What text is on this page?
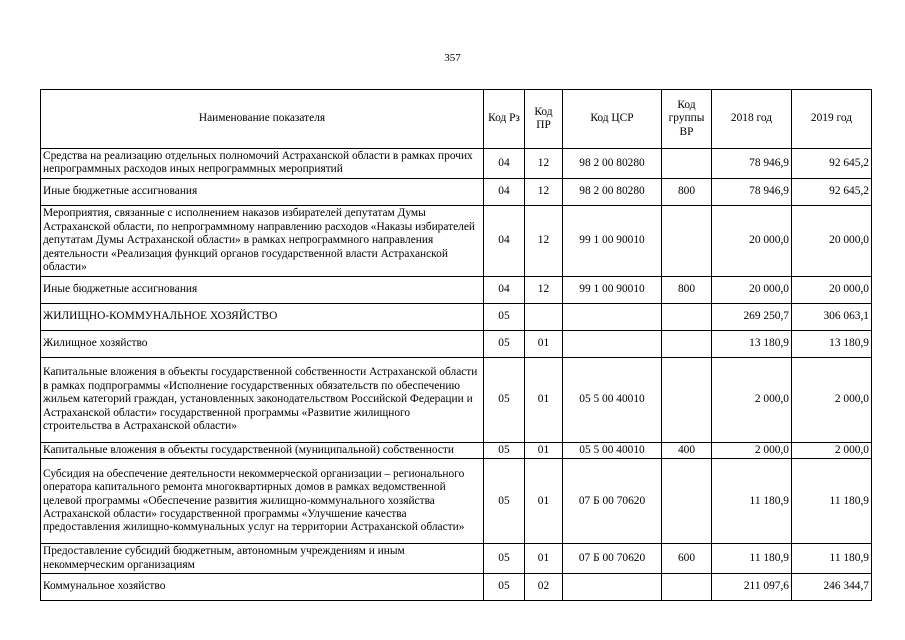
357
Наименование показателя	Код Рз	Код ПР	Код ЦСР	Код группы ВР	2018 год	2019 год
Средства на реализацию отдельных полномочий Астраханской области в рамках прочих непрограммных расходов иных непрограммных мероприятий	04	12	98 2 00 80280		78 946,9	92 645,2
Иные бюджетные ассигнования	04	12	98 2 00 80280	800	78 946,9	92 645,2
Мероприятия, связанные с исполнением наказов избирателей депутатам Думы Астраханской области, по непрограммному направлению расходов «Наказы избирателей депутатам Думы Астраханской области» в рамках непрограммного направления деятельности «Реализация функций органов государственной власти Астраханской области»	04	12	99 1 00 90010		20 000,0	20 000,0
Иные бюджетные ассигнования	04	12	99 1 00 90010	800	20 000,0	20 000,0
ЖИЛИЩНО-КОММУНАЛЬНОЕ ХОЗЯЙСТВО	05				269 250,7	306 063,1
Жилищное хозяйство	05	01			13 180,9	13 180,9
Капитальные вложения в объекты государственной собственности Астраханской области в рамках подпрограммы «Исполнение государственных обязательств по обеспечению жильем категорий граждан, установленных законодательством Российской Федерации и Астраханской области» государственной программы «Развитие жилищного строительства в Астраханской области»	05	01	05 5 00 40010		2 000,0	2 000,0
Капитальные вложения в объекты государственной (муниципальной) собственности	05	01	05 5 00 40010	400	2 000,0	2 000,0
Субсидия на обеспечение деятельности некоммерческой организации – регионального оператора капитального ремонта многоквартирных домов в рамках ведомственной целевой программы «Обеспечение развития жилищно-коммунального хозяйства Астраханской области» государственной программы «Улучшение качества предоставления жилищно-коммунальных услуг на территории Астраханской области»	05	01	07 Б 00 70620		11 180,9	11 180,9
Предоставление субсидий бюджетным, автономным учреждениям и иным некоммерческим организациям	05	01	07 Б 00 70620	600	11 180,9	11 180,9
Коммунальное хозяйство	05	02			211 097,6	246 344,7
